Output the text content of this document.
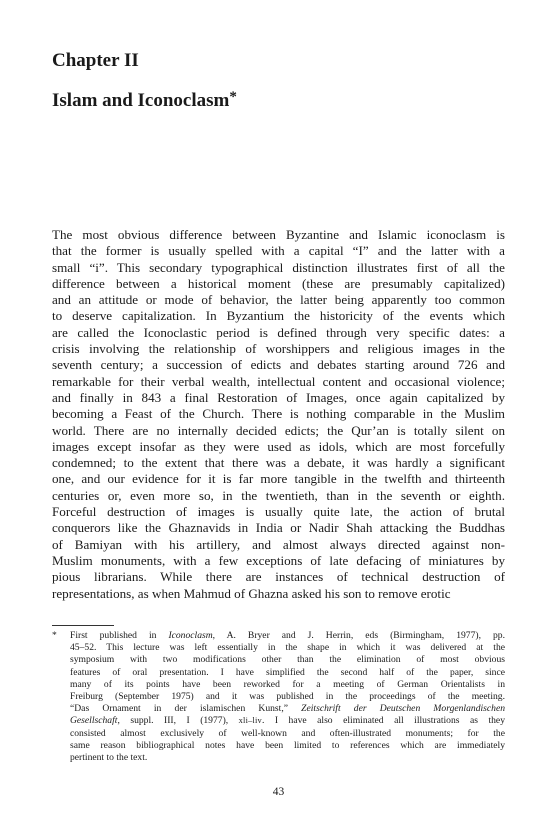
Chapter II
Islam and Iconoclasm*
The most obvious difference between Byzantine and Islamic iconoclasm is
that the former is usually spelled with a capital “I” and the latter with a
small “i”. This secondary typographical distinction illustrates first of all the
difference between a historical moment (these are presumably capitalized)
and an attitude or mode of behavior, the latter being apparently too common
to deserve capitalization. In Byzantium the historicity of the events which
are called the Iconoclastic period is defined through very specific dates: a
crisis involving the relationship of worshippers and religious images in the
seventh century; a succession of edicts and debates starting around 726 and
remarkable for their verbal wealth, intellectual content and occasional violence;
and finally in 843 a final Restoration of Images, once again capitalized by
becoming a Feast of the Church. There is nothing comparable in the Muslim
world. There are no internally decided edicts; the Qur’an is totally silent on
images except insofar as they were used as idols, which are most forcefully
condemned; to the extent that there was a debate, it was hardly a significant
one, and our evidence for it is far more tangible in the twelfth and thirteenth
centuries or, even more so, in the twentieth, than in the seventh or eighth.
Forceful destruction of images is usually quite late, the action of brutal
conquerors like the Ghaznavids in India or Nadir Shah attacking the Buddhas
of Bamiyan with his artillery, and almost always directed against non-
Muslim monuments, with a few exceptions of late defacing of miniatures by
pious librarians. While there are instances of technical destruction of
representations, as when Mahmud of Ghazna asked his son to remove erotic
* First published in Iconoclasm, A. Bryer and J. Herrin, eds (Birmingham, 1977), pp.
45–52. This lecture was left essentially in the shape in which it was delivered at the
symposium with two modifications other than the elimination of most obvious
features of oral presentation. I have simplified the second half of the paper, since
many of its points have been reworked for a meeting of German Orientalists in
Freiburg (September 1975) and it was published in the proceedings of the meeting.
“Das Ornament in der islamischen Kunst,” Zeitschrift der Deutschen Morgenlandischen
Gesellschaft, suppl. III, I (1977), xli–liv. I have also eliminated all illustrations as they
consisted almost exclusively of well-known and often-illustrated monuments; for the
same reason bibliographical notes have been limited to references which are immediately
pertinent to the text.
43
